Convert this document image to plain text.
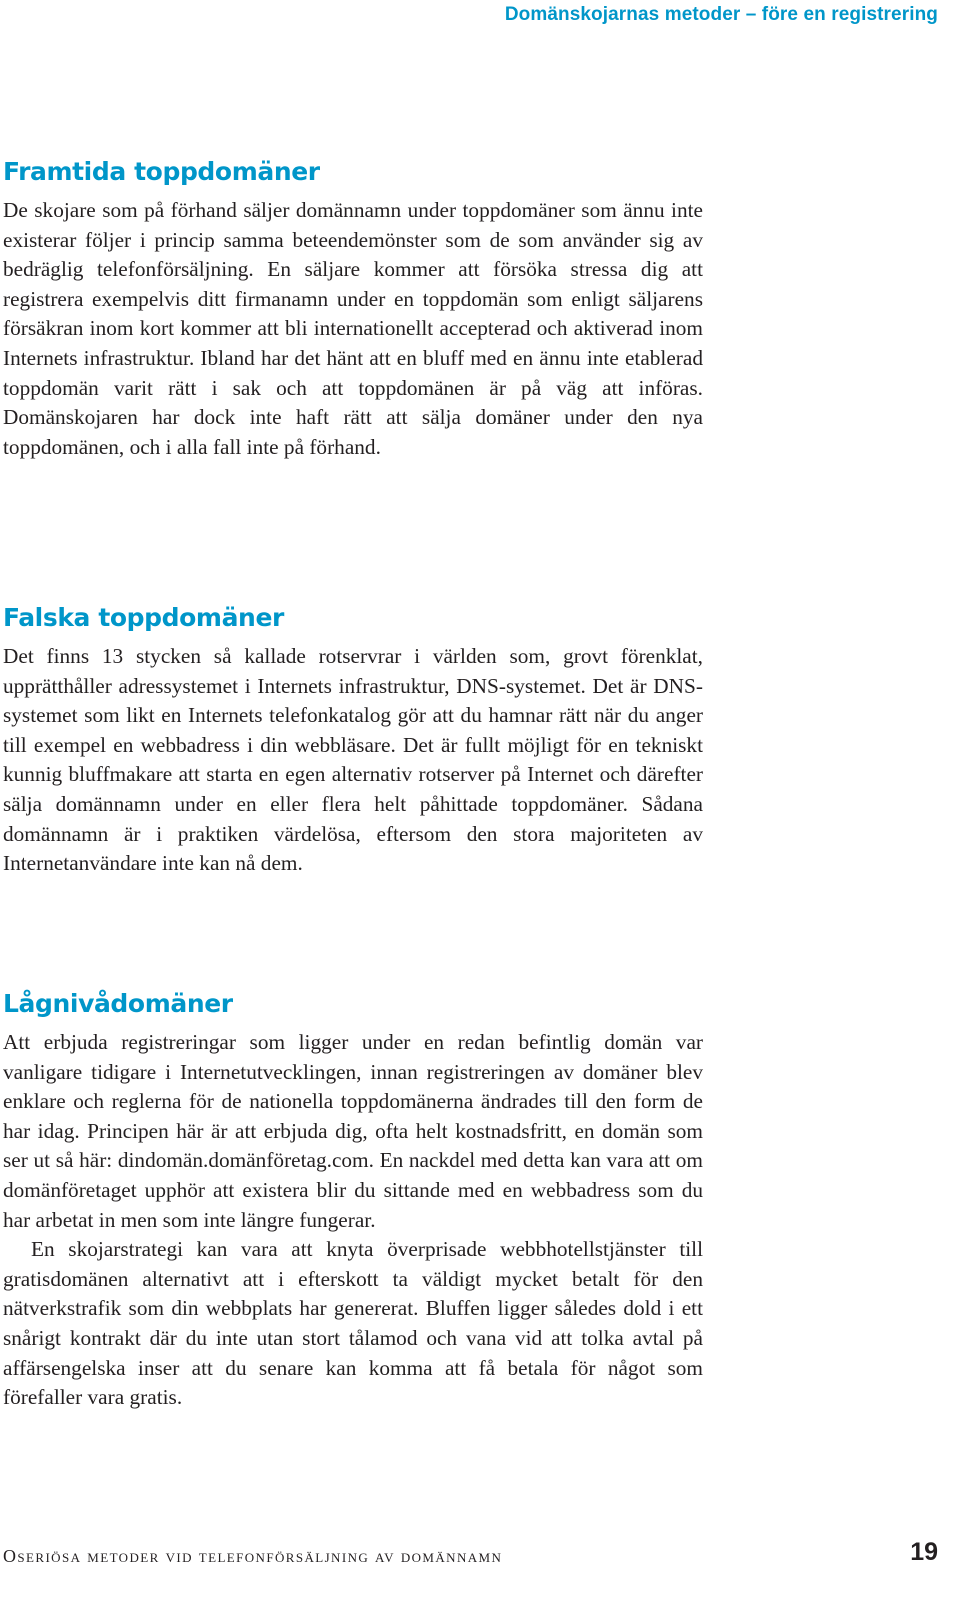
Domänskojarnas metoder – före en registrering

Framtida toppdomäner

De skojare som på förhand säljer domännamn under toppdomäner som ännu inte existerar följer i princip samma beteendemönster som de som använder sig av bedräglig telefonförsäljning. En säljare kommer att försöka stressa dig att registrera exempelvis ditt firmanamn under en toppdomän som enligt säljarens försäkran inom kort kommer att bli internationellt accepterad och aktiverad inom Internets infrastruktur. Ibland har det hänt att en bluff med en ännu inte etablerad toppdomän varit rätt i sak och att toppdomänen är på väg att införas. Domänskojaren har dock inte haft rätt att sälja domäner under den nya toppdomänen, och i alla fall inte på förhand.

Falska toppdomäner

Det finns 13 stycken så kallade rotservrar i världen som, grovt förenklat, upprätthåller adressystemet i Internets infrastruktur, DNS-systemet. Det är DNS-systemet som likt en Internets telefonkatalog gör att du hamnar rätt när du anger till exempel en webbadress i din webbläsare. Det är fullt möjligt för en tekniskt kunnig bluffmakare att starta en egen alternativ rotserver på Internet och därefter sälja domännamn under en eller flera helt påhittade toppdomäner. Sådana domännamn är i praktiken värdelösa, eftersom den stora majoriteten av Internetanvändare inte kan nå dem.

Lågnivådomäner

Att erbjuda registreringar som ligger under en redan befintlig domän var vanligare tidigare i Internetutvecklingen, innan registreringen av domäner blev enklare och reglerna för de nationella toppdomänerna ändrades till den form de har idag. Principen här är att erbjuda dig, ofta helt kostnadsfritt, en domän som ser ut så här: dindomän.domänföretag.com. En nackdel med detta kan vara att om domänföretaget upphör att existera blir du sittande med en webbadress som du har arbetat in men som inte längre fungerar.

En skojarstrategi kan vara att knyta överprisade webbhotellstjänster till gratisdomänen alternativt att i efterskott ta väldigt mycket betalt för den nätverkstrafik som din webbplats har genererat. Bluffen ligger således dold i ett snårigt kontrakt där du inte utan stort tålamod och vana vid att tolka avtal på affärsengelska inser att du senare kan komma att få betala för något som förefaller vara gratis.

Oseriösa metoder vid telefonförsäljning av domännamn	19
